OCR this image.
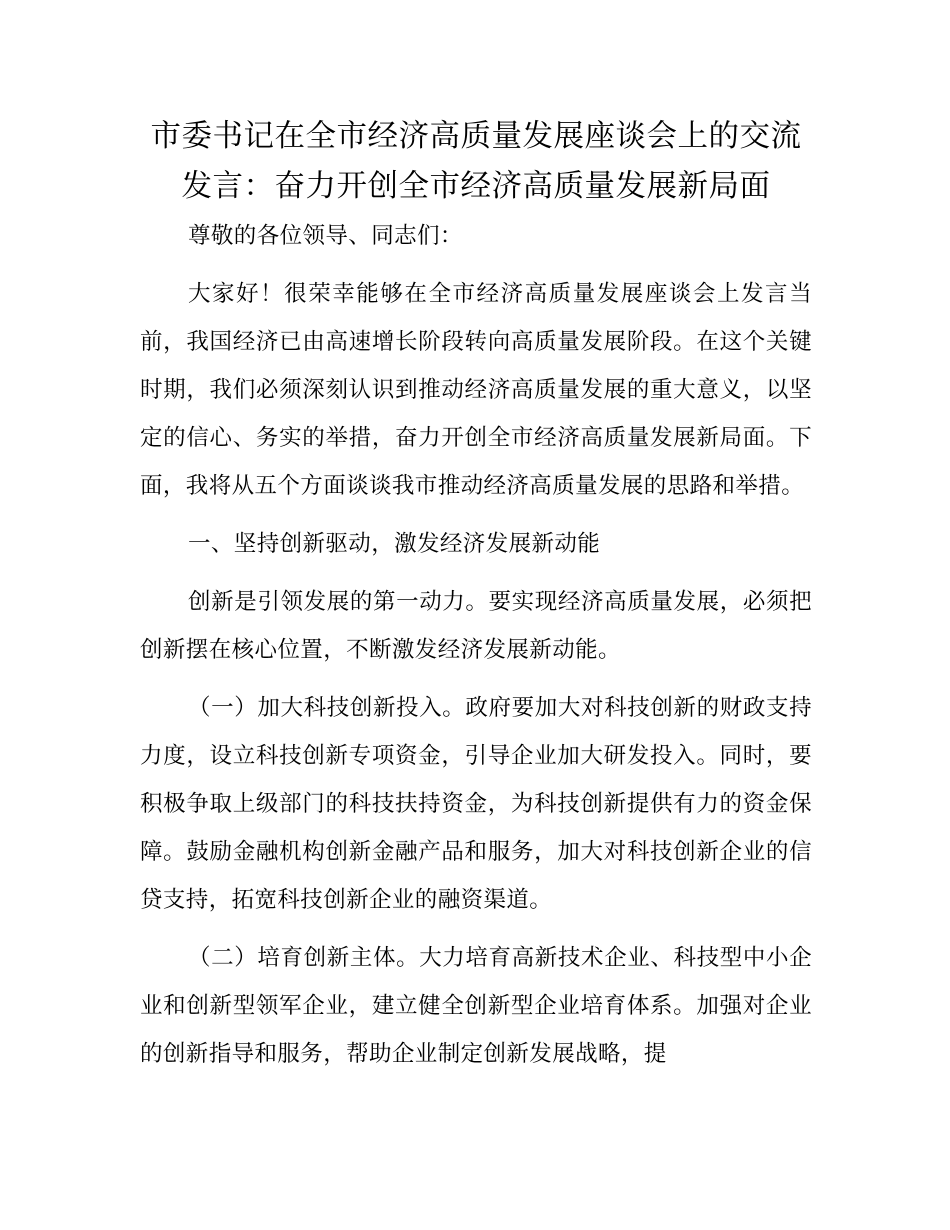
市委书记在全市经济高质量发展座谈会上的交流发言：奋力开创全市经济高质量发展新局面

尊敬的各位领导、同志们：

大家好！很荣幸能够在全市经济高质量发展座谈会上发言当前，我国经济已由高速增长阶段转向高质量发展阶段。在这个关键时期，我们必须深刻认识到推动经济高质量发展的重大意义，以坚定的信心、务实的举措，奋力开创全市经济高质量发展新局面。下面，我将从五个方面谈谈我市推动经济高质量发展的思路和举措。

一、坚持创新驱动，激发经济发展新动能

创新是引领发展的第一动力。要实现经济高质量发展，必须把创新摆在核心位置，不断激发经济发展新动能。

（一）加大科技创新投入。政府要加大对科技创新的财政支持力度，设立科技创新专项资金，引导企业加大研发投入。同时，要积极争取上级部门的科技扶持资金，为科技创新提供有力的资金保障。鼓励金融机构创新金融产品和服务，加大对科技创新企业的信贷支持，拓宽科技创新企业的融资渠道。

（二）培育创新主体。大力培育高新技术企业、科技型中小企业和创新型领军企业，建立健全创新型企业培育体系。加强对企业的创新指导和服务，帮助企业制定创新发展战略，提
